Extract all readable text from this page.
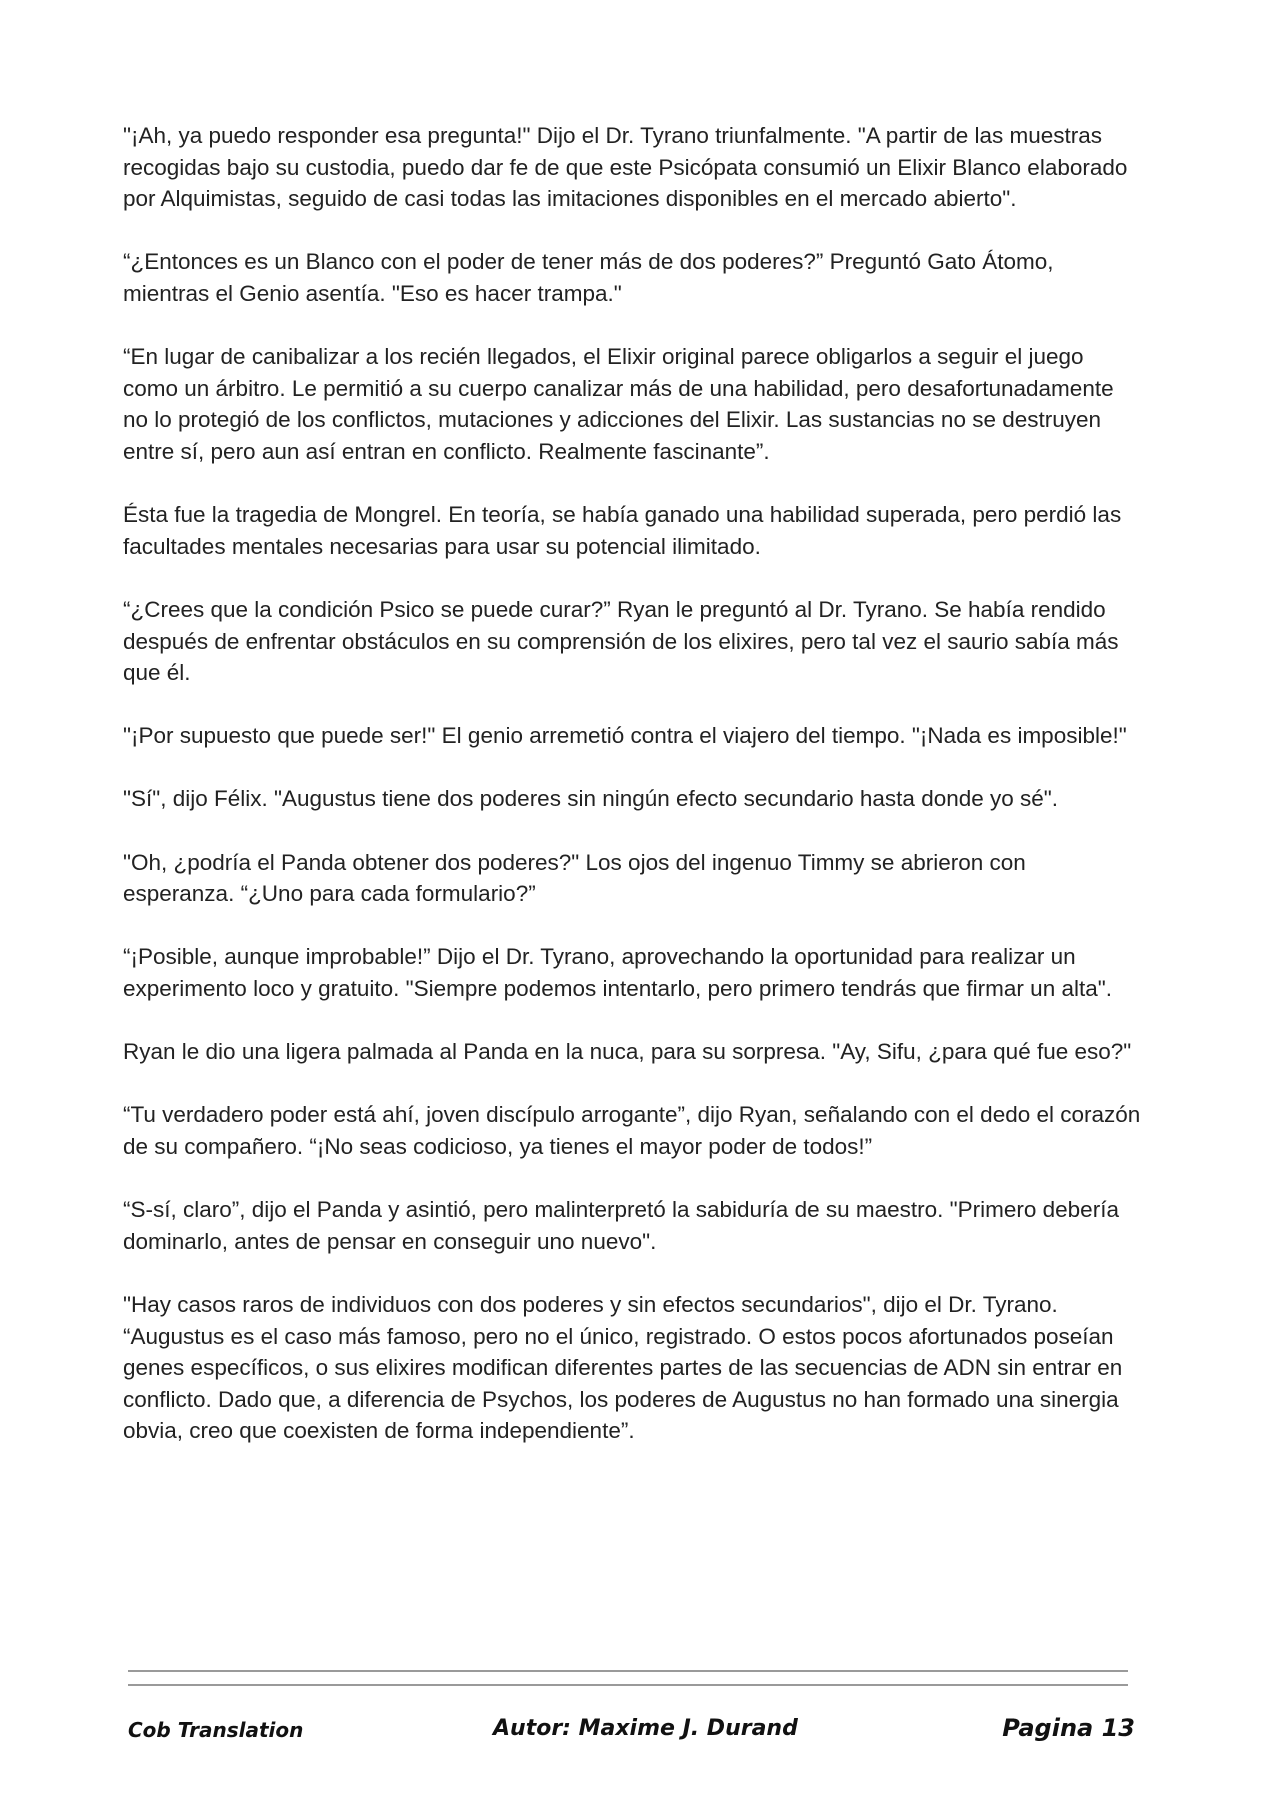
"¡Ah, ya puedo responder esa pregunta!" Dijo el Dr. Tyrano triunfalmente. "A partir de las muestras recogidas bajo su custodia, puedo dar fe de que este Psicópata consumió un Elixir Blanco elaborado por Alquimistas, seguido de casi todas las imitaciones disponibles en el mercado abierto".

“¿Entonces es un Blanco con el poder de tener más de dos poderes?” Preguntó Gato Átomo, mientras el Genio asentía. "Eso es hacer trampa."

“En lugar de canibalizar a los recién llegados, el Elixir original parece obligarlos a seguir el juego como un árbitro. Le permitió a su cuerpo canalizar más de una habilidad, pero desafortunadamente no lo protegió de los conflictos, mutaciones y adicciones del Elixir. Las sustancias no se destruyen entre sí, pero aun así entran en conflicto. Realmente fascinante”.

Ésta fue la tragedia de Mongrel. En teoría, se había ganado una habilidad superada, pero perdió las facultades mentales necesarias para usar su potencial ilimitado.

“¿Crees que la condición Psico se puede curar?” Ryan le preguntó al Dr. Tyrano. Se había rendido después de enfrentar obstáculos en su comprensión de los elixires, pero tal vez el saurio sabía más que él.

"¡Por supuesto que puede ser!" El genio arremetió contra el viajero del tiempo. "¡Nada es imposible!"

"Sí", dijo Félix. "Augustus tiene dos poderes sin ningún efecto secundario hasta donde yo sé".

"Oh, ¿podría el Panda obtener dos poderes?" Los ojos del ingenuo Timmy se abrieron con esperanza. “¿Uno para cada formulario?”

“¡Posible, aunque improbable!” Dijo el Dr. Tyrano, aprovechando la oportunidad para realizar un experimento loco y gratuito. "Siempre podemos intentarlo, pero primero tendrás que firmar un alta".

Ryan le dio una ligera palmada al Panda en la nuca, para su sorpresa. "Ay, Sifu, ¿para qué fue eso?"

“Tu verdadero poder está ahí, joven discípulo arrogante”, dijo Ryan, señalando con el dedo el corazón de su compañero. “¡No seas codicioso, ya tienes el mayor poder de todos!”

“S-sí, claro”, dijo el Panda y asintió, pero malinterpretó la sabiduría de su maestro. "Primero debería dominarlo, antes de pensar en conseguir uno nuevo".

"Hay casos raros de individuos con dos poderes y sin efectos secundarios", dijo el Dr. Tyrano. “Augustus es el caso más famoso, pero no el único, registrado. O estos pocos afortunados poseían genes específicos, o sus elixires modifican diferentes partes de las secuencias de ADN sin entrar en conflicto. Dado que, a diferencia de Psychos, los poderes de Augustus no han formado una sinergia obvia, creo que coexisten de forma independiente”.

Cob Translation	Autor: Maxime J. Durand	Pagina 13
